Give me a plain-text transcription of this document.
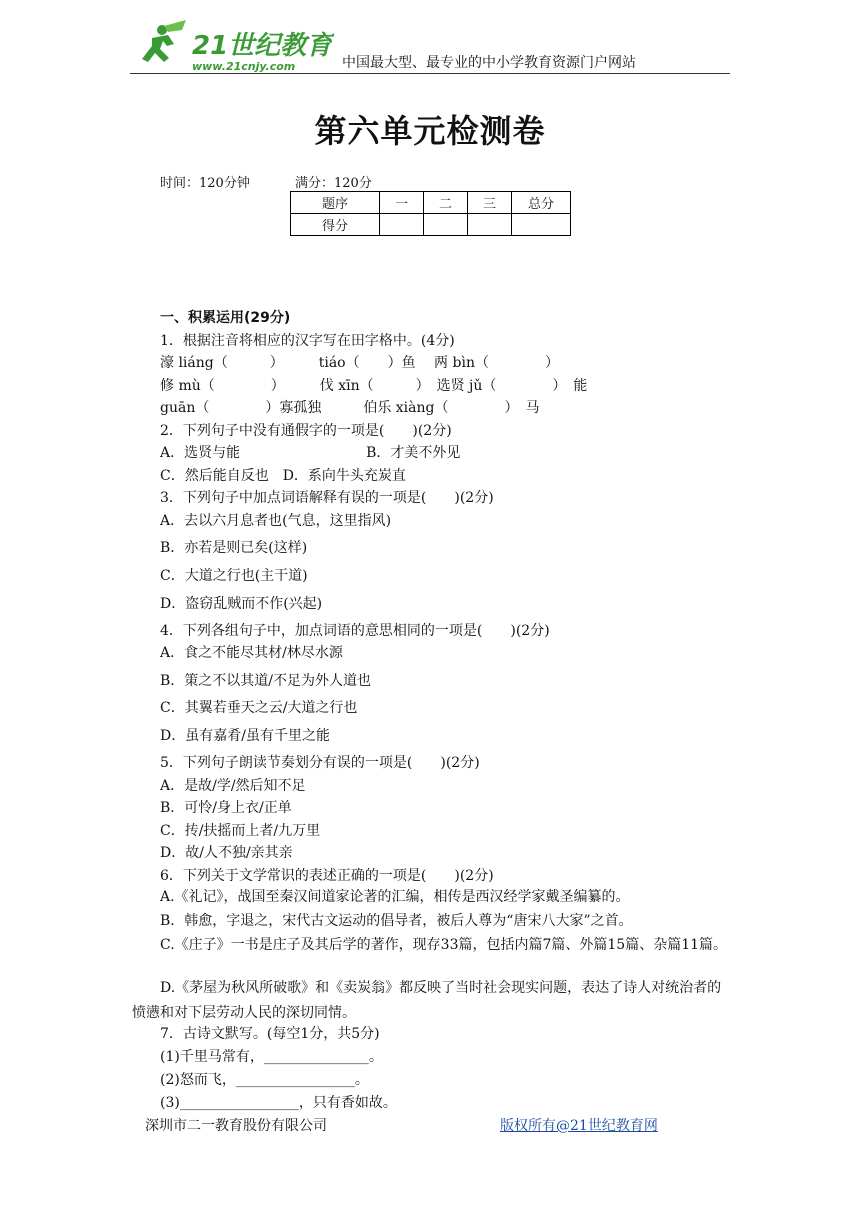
21世纪教育
www.21cnjy.com	中国最大型、最专业的中小学教育资源门户网站
第六单元检测卷
时间：120分钟	满分：120分
题序	一	二	三	总分
得分				
一、积累运用(29分)
1．根据注音将相应的汉字写在田字格中。(4分)
濠 liáng（　　　）　　　tiáo（　　）鱼　 两 bìn（　　　　）
修 mù（　　　　）　　　伐 xīn（　　　）　选贤 jǔ（　　　　）　能
guān（　　　　）寡孤独　　　伯乐 xiàng（　　　　）　马
2．下列句子中没有通假字的一项是(　　)(2分)
A．选贤与能　　　　　　　　　B．才美不外见
C．然后能自反也　D．系向牛头充炭直
3．下列句子中加点词语解释有误的一项是(　　)(2分)
A．去以六月息者也(气息，这里指风)
B．亦若是则已矣(这样)
C．大道之行也(主干道)
D．盗窃乱贼而不作(兴起)
4．下列各组句子中，加点词语的意思相同的一项是(　　)(2分)
A．食之不能尽其材/林尽水源
B．策之不以其道/不足为外人道也
C．其翼若垂天之云/大道之行也
D．虽有嘉肴/虽有千里之能
5．下列句子朗读节奏划分有误的一项是(　　)(2分)
A．是故/学/然后知不足
B．可怜/身上衣/正单
C．抟/扶摇而上者/九万里
D．故/人不独/亲其亲
6．下列关于文学常识的表述正确的一项是(　　)(2分)
A.《礼记》，战国至秦汉间道家论著的汇编，相传是西汉经学家戴圣编纂的。
B．韩愈，字退之，宋代古文运动的倡导者，被后人尊为“唐宋八大家”之首。
C.《庄子》一书是庄子及其后学的著作，现存33篇，包括内篇7篇、外篇15篇、杂篇11篇。
D.《茅屋为秋风所破歌》和《卖炭翁》都反映了当时社会现实问题，表达了诗人对统治者的愤懑和对下层劳动人民的深切同情。
7．古诗文默写。(每空1分，共5分)
(1)千里马常有，_______________。
(2)怒而飞，_________________。
(3)_________________，只有香如故。
深圳市二一教育股份有限公司	版权所有@21世纪教育网
